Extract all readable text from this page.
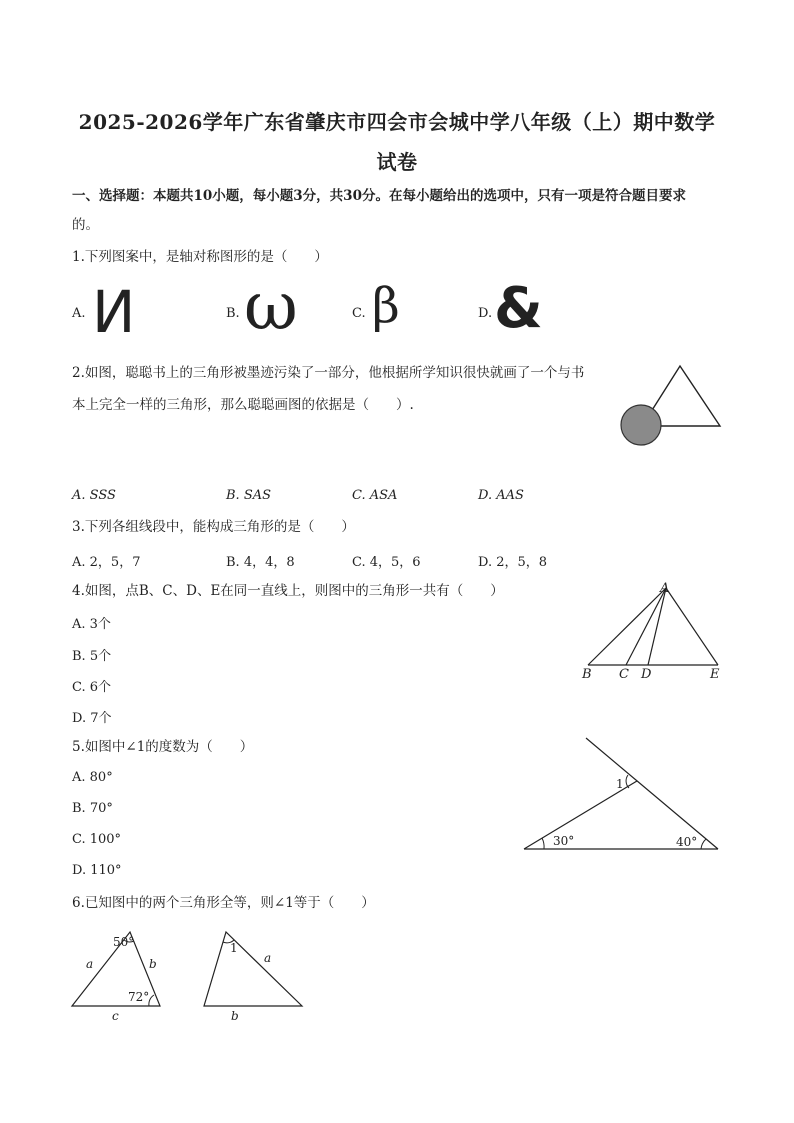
2025-2026学年广东省肇庆市四会市会城中学八年级（上）期中数学
试卷
一、选择题：本题共10小题，每小题3分，共30分。在每小题给出的选项中，只有一项是符合题目要求
的。
1.下列图案中，是轴对称图形的是（　　）
A. И	B. ω	C. β	D. &
2.如图，聪聪书上的三角形被墨迹污染了一部分，他根据所学知识很快就画了一个与书
本上完全一样的三角形，那么聪聪画图的依据是（　　）.
A. SSS	B. SAS	C. ASA	D. AAS
3.下列各组线段中，能构成三角形的是（　　）
A. 2，5，7	B. 4，4，8	C. 4，5，6	D. 2，5，8
4.如图，点B、C、D、E在同一直线上，则图中的三角形一共有（　　）
A. 3个
B. 5个
C. 6个
D. 7个
A
B C D	E
5.如图中∠1的度数为（　　）
A. 80°
B. 70°
C. 100°
D. 110°
1
30°	40°
6.已知图中的两个三角形全等，则∠1等于（　　）
50°
72°
a	b
c
1
a
b
